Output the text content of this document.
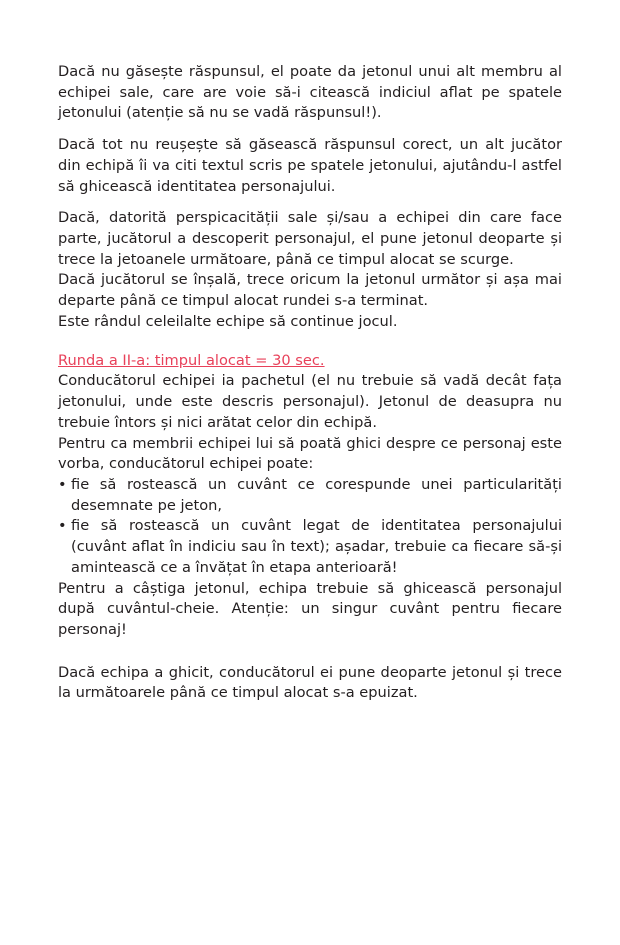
Dacă nu găsește răspunsul, el poate da jetonul unui alt membru al echipei sale, care are voie să-i citească indiciul aflat pe spatele jetonului (atenție să nu se vadă răspunsul!).

Dacă tot nu reușește să găsească răspunsul corect, un alt jucător din echipă îi va citi textul scris pe spatele jetonului, ajutându-l astfel să ghicească identitatea personajului.

Dacă, datorită perspicacității sale și/sau a echipei din care face parte, jucătorul a descoperit personajul, el pune jetonul deoparte și trece la jetoanele următoare, până ce timpul alocat se scurge.

Dacă jucătorul se înșală, trece oricum la jetonul următor și așa mai departe până ce timpul alocat rundei s-a terminat.

Este rândul celeilalte echipe să continue jocul.

Runda a II-a: timpul alocat = 30 sec.

Conducătorul echipei ia pachetul (el nu trebuie să vadă decât fața jetonului, unde este descris personajul). Jetonul de deasupra nu trebuie întors și nici arătat celor din echipă.

Pentru ca membrii echipei lui să poată ghici despre ce personaj este vorba, conducătorul echipei poate:

• fie să rostească un cuvânt ce corespunde unei particularități desemnate pe jeton,
• fie să rostească un cuvânt legat de identitatea personajului (cuvânt aflat în indiciu sau în text); așadar, trebuie ca fiecare să-și amintească ce a învățat în etapa anterioară!

Pentru a câștiga jetonul, echipa trebuie să ghicească personajul după cuvântul-cheie. Atenție: un singur cuvânt pentru fiecare personaj!

Dacă echipa a ghicit, conducătorul ei pune deoparte jetonul și trece la următoarele până ce timpul alocat s-a epuizat.
